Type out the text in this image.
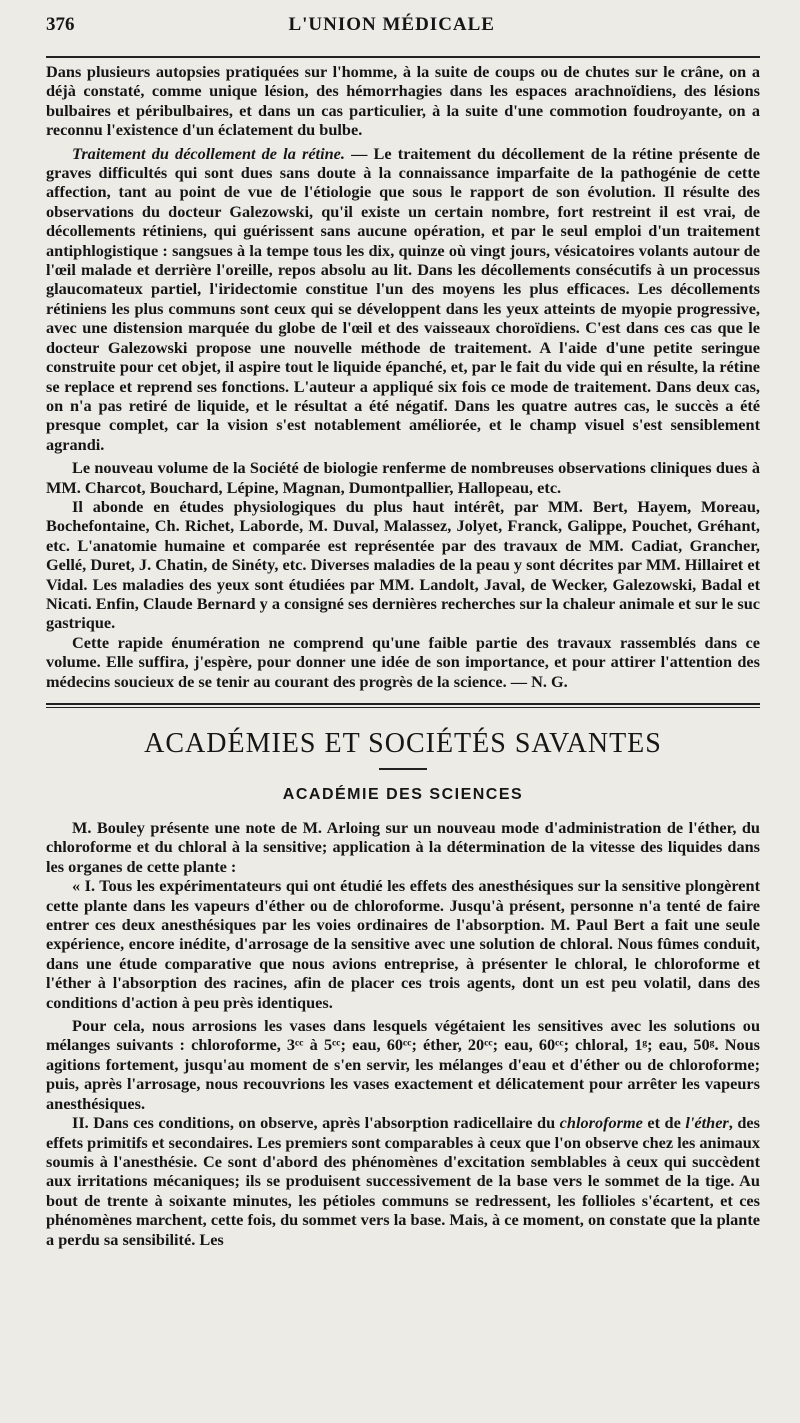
376	L'UNION MÉDICALE

Dans plusieurs autopsies pratiquées sur l'homme, à la suite de coups ou de chutes sur le crâne, on a déjà constaté, comme unique lésion, des hémorrhagies dans les espaces arachnoïdiens, des lésions bulbaires et péribulbaires, et dans un cas particulier, à la suite d'une commotion foudroyante, on a reconnu l'existence d'un éclatement du bulbe.

Traitement du décollement de la rétine. — Le traitement du décollement de la rétine présente de graves difficultés qui sont dues sans doute à la connaissance imparfaite de la pathogénie de cette affection, tant au point de vue de l'étiologie que sous le rapport de son évolution. Il résulte des observations du docteur Galezowski, qu'il existe un certain nombre, fort restreint il est vrai, de décollements rétiniens, qui guérissent sans aucune opération, et par le seul emploi d'un traitement antiphlogistique : sangsues à la tempe tous les dix, quinze où vingt jours, vésicatoires volants autour de l'œil malade et derrière l'oreille, repos absolu au lit. Dans les décollements consécutifs à un processus glaucomateux partiel, l'iridectomie constitue l'un des moyens les plus efficaces. Les décollements rétiniens les plus communs sont ceux qui se développent dans les yeux atteints de myopie progressive, avec une distension marquée du globe de l'œil et des vaisseaux choroïdiens. C'est dans ces cas que le docteur Galezowski propose une nouvelle méthode de traitement. A l'aide d'une petite seringue construite pour cet objet, il aspire tout le liquide épanché, et, par le fait du vide qui en résulte, la rétine se replace et reprend ses fonctions. L'auteur a appliqué six fois ce mode de traitement. Dans deux cas, on n'a pas retiré de liquide, et le résultat a été négatif. Dans les quatre autres cas, le succès a été presque complet, car la vision s'est notablement améliorée, et le champ visuel s'est sensiblement agrandi.

Le nouveau volume de la Société de biologie renferme de nombreuses observations cliniques dues à MM. Charcot, Bouchard, Lépine, Magnan, Dumontpallier, Hallopeau, etc.

Il abonde en études physiologiques du plus haut intérêt, par MM. Bert, Hayem, Moreau, Bochefontaine, Ch. Richet, Laborde, M. Duval, Malassez, Jolyet, Franck, Galippe, Pouchet, Gréhant, etc. L'anatomie humaine et comparée est représentée par des travaux de MM. Cadiat, Grancher, Gellé, Duret, J. Chatin, de Sinéty, etc. Diverses maladies de la peau y sont décrites par MM. Hillairet et Vidal. Les maladies des yeux sont étudiées par MM. Landolt, Javal, de Wecker, Galezowski, Badal et Nicati. Enfin, Claude Bernard y a consigné ses dernières recherches sur la chaleur animale et sur le suc gastrique.

Cette rapide énumération ne comprend qu'une faible partie des travaux rassemblés dans ce volume. Elle suffira, j'espère, pour donner une idée de son importance, et pour attirer l'attention des médecins soucieux de se tenir au courant des progrès de la science. — N. G.

ACADÉMIES ET SOCIÉTÉS SAVANTES
ACADÉMIE DES SCIENCES

M. Bouley présente une note de M. Arloing sur un nouveau mode d'administration de l'éther, du chloroforme et du chloral à la sensitive; application à la détermination de la vitesse des liquides dans les organes de cette plante :

« I. Tous les expérimentateurs qui ont étudié les effets des anesthésiques sur la sensitive plongèrent cette plante dans les vapeurs d'éther ou de chloroforme. Jusqu'à présent, personne n'a tenté de faire entrer ces deux anesthésiques par les voies ordinaires de l'absorption. M. Paul Bert a fait une seule expérience, encore inédite, d'arrosage de la sensitive avec une solution de chloral. Nous fûmes conduit, dans une étude comparative que nous avions entreprise, à présenter le chloral, le chloroforme et l'éther à l'absorption des racines, afin de placer ces trois agents, dont un est peu volatil, dans des conditions d'action à peu près identiques.

Pour cela, nous arrosions les vases dans lesquels végétaient les sensitives avec les solutions ou mélanges suivants : chloroforme, 3ᶜᶜ à 5ᶜᶜ; eau, 60ᶜᶜ; éther, 20ᶜᶜ; eau, 60ᶜᶜ; chloral, 1ᵍ; eau, 50ᵍ. Nous agitions fortement, jusqu'au moment de s'en servir, les mélanges d'eau et d'éther ou de chloroforme; puis, après l'arrosage, nous recouvrions les vases exactement et délicatement pour arrêter les vapeurs anesthésiques.

II. Dans ces conditions, on observe, après l'absorption radicellaire du chloroforme et de l'éther, des effets primitifs et secondaires. Les premiers sont comparables à ceux que l'on observe chez les animaux soumis à l'anesthésie. Ce sont d'abord des phénomènes d'excitation semblables à ceux qui succèdent aux irritations mécaniques; ils se produisent successivement de la base vers le sommet de la tige. Au bout de trente à soixante minutes, les pétioles communs se redressent, les follioles s'écartent, et ces phénomènes marchent, cette fois, du sommet vers la base. Mais, à ce moment, on constate que la plante a perdu sa sensibilité. Les
